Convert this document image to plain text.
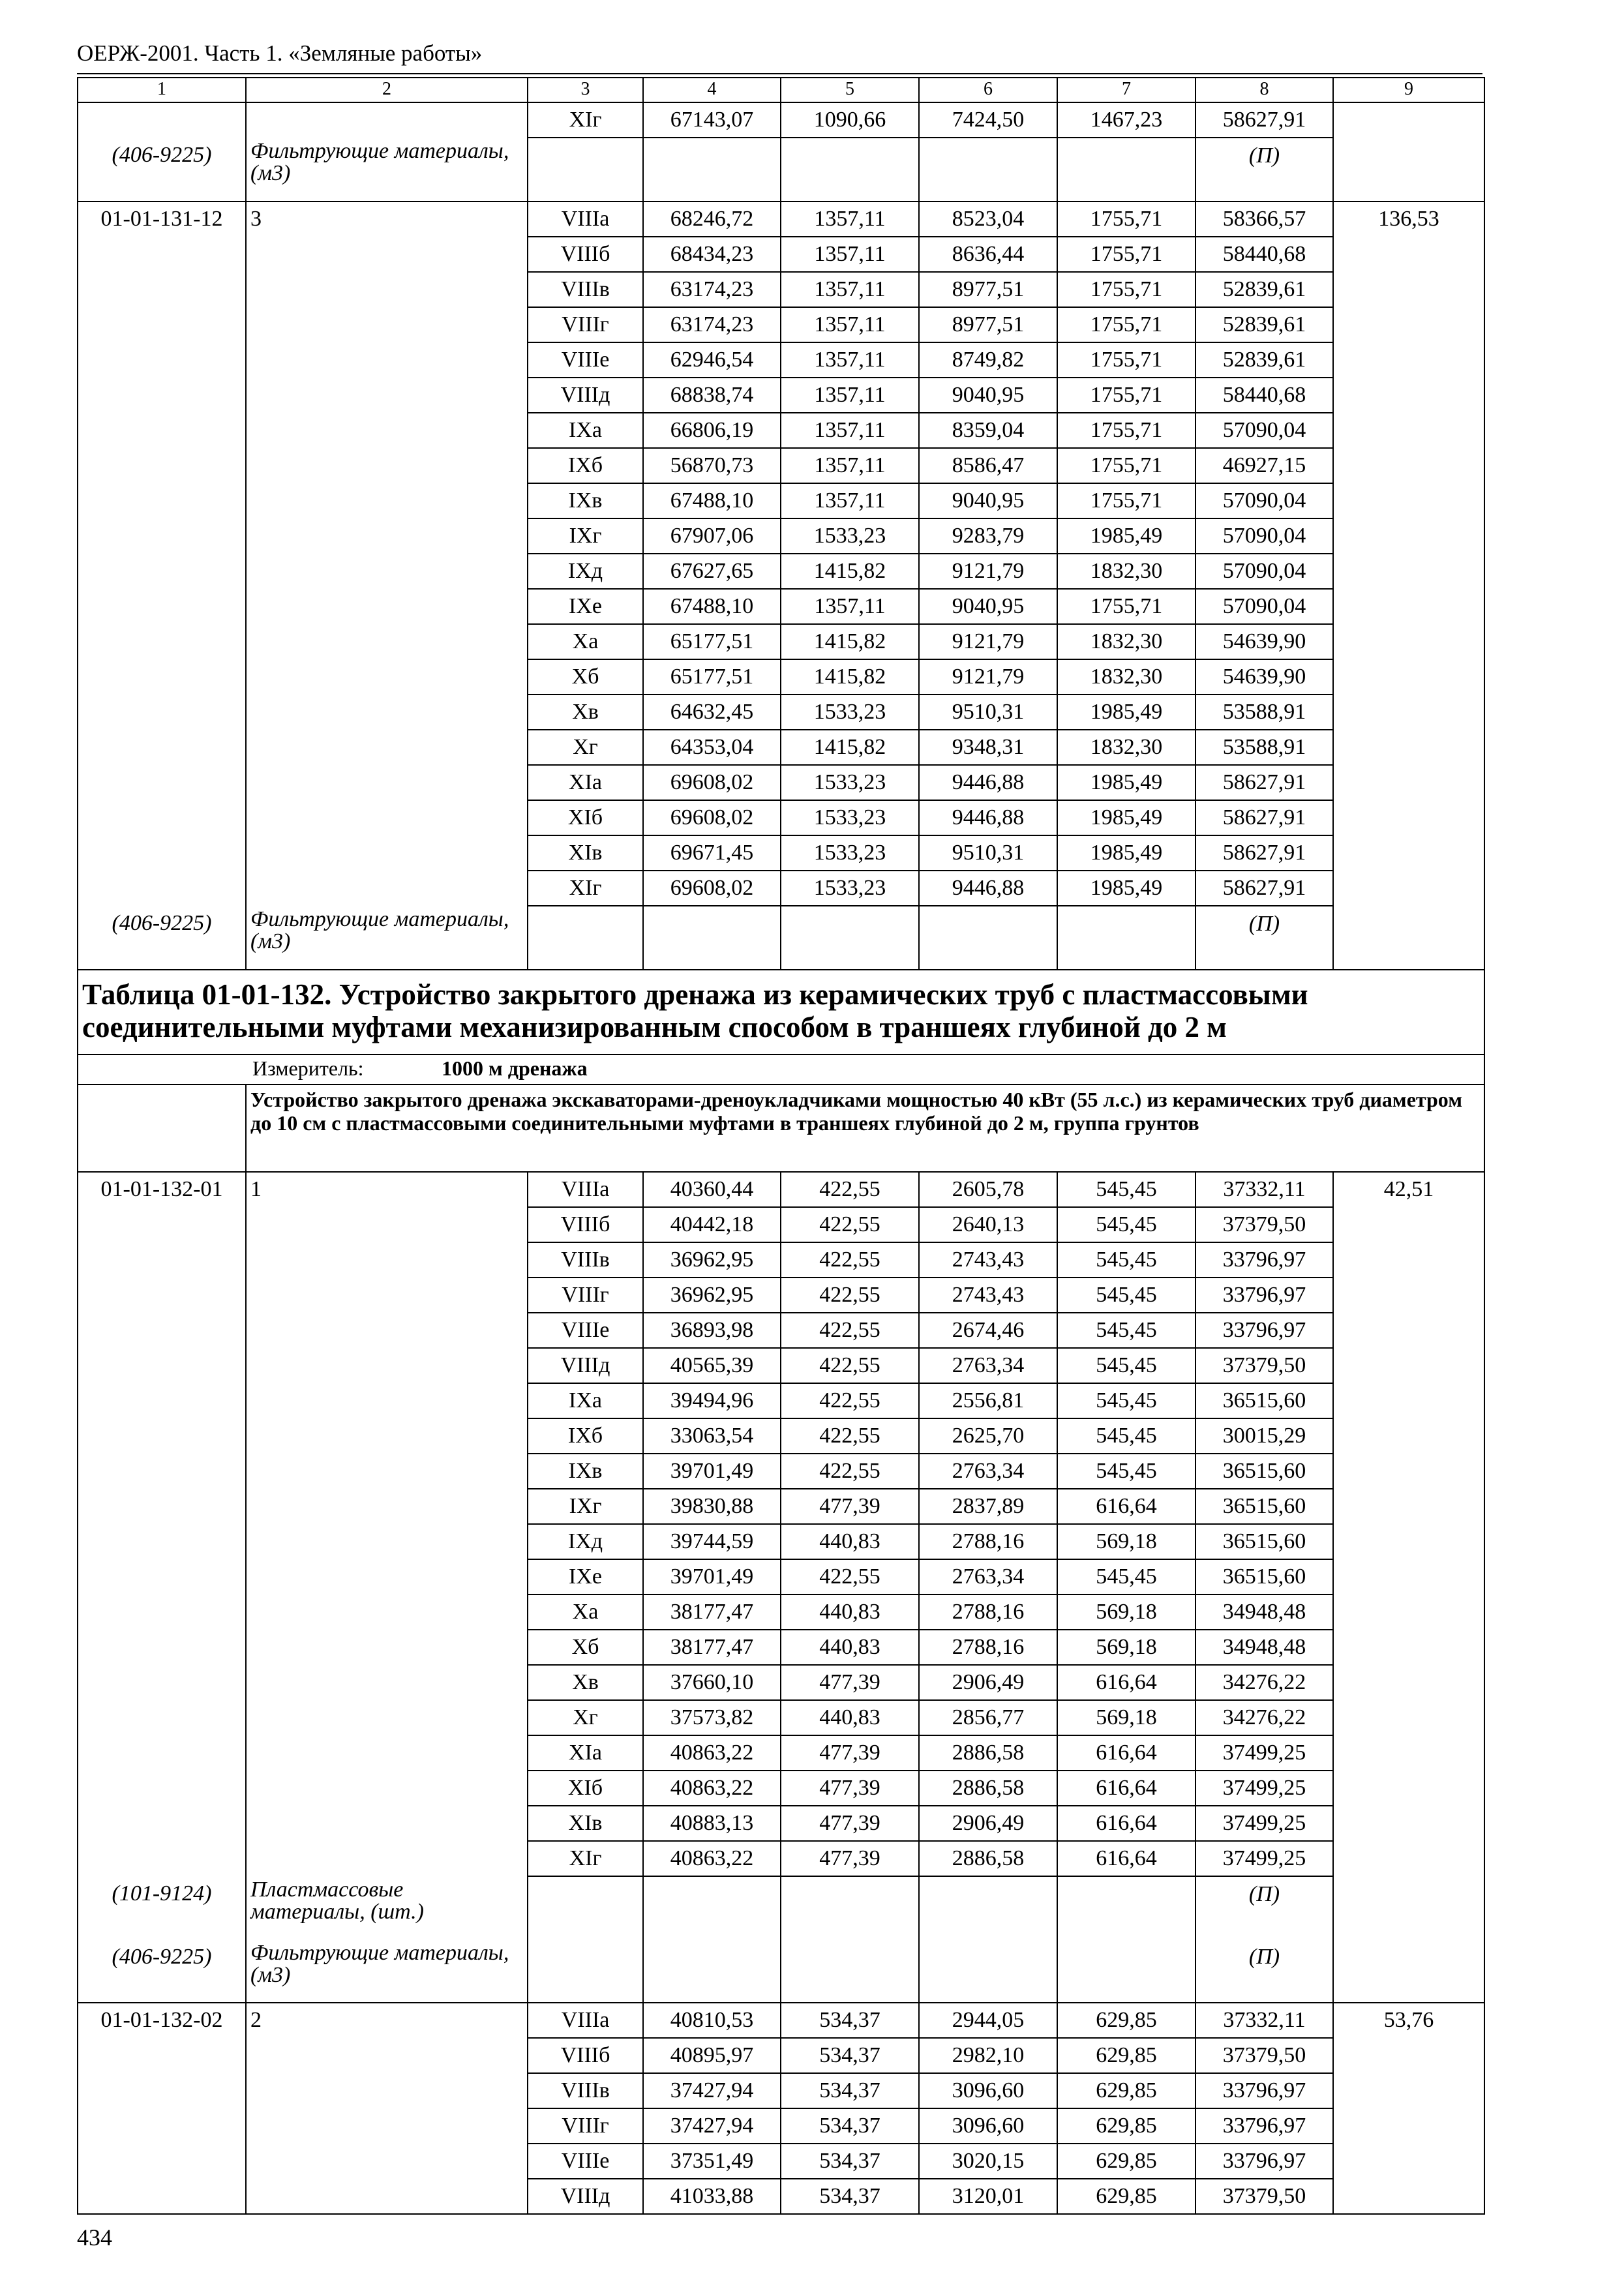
ОЕРЖ-2001. Часть 1. «Земляные работы»
1	2	3	4	5	6	7	8	9
		XIг	67143,07	1090,66	7424,50	1467,23	58627,91	

(406-9225)	Фильтрующие материалы, (м3)						(П)	

01-01-131-12	3	VIIIа	68246,72	1357,11	8523,04	1755,71	58366,57	136,53
		VIIIб	68434,23	1357,11	8636,44	1755,71	58440,68	
		VIIIв	63174,23	1357,11	8977,51	1755,71	52839,61	
		VIIIг	63174,23	1357,11	8977,51	1755,71	52839,61	
		VIIIе	62946,54	1357,11	8749,82	1755,71	52839,61	
		VIIIд	68838,74	1357,11	9040,95	1755,71	58440,68	
		IXа	66806,19	1357,11	8359,04	1755,71	57090,04	
		IXб	56870,73	1357,11	8586,47	1755,71	46927,15	
		IXв	67488,10	1357,11	9040,95	1755,71	57090,04	
		IXг	67907,06	1533,23	9283,79	1985,49	57090,04	
		IXд	67627,65	1415,82	9121,79	1832,30	57090,04	
		IXе	67488,10	1357,11	9040,95	1755,71	57090,04	
		Xа	65177,51	1415,82	9121,79	1832,30	54639,90	
		Xб	65177,51	1415,82	9121,79	1832,30	54639,90	
		Xв	64632,45	1533,23	9510,31	1985,49	53588,91	
		Xг	64353,04	1415,82	9348,31	1832,30	53588,91	
		XIа	69608,02	1533,23	9446,88	1985,49	58627,91	
		XIб	69608,02	1533,23	9446,88	1985,49	58627,91	
		XIв	69671,45	1533,23	9510,31	1985,49	58627,91	
		XIг	69608,02	1533,23	9446,88	1985,49	58627,91	

(406-9225)	Фильтрующие материалы, (м3)						(П)	

Таблица 01-01-132. Устройство закрытого дренажа из керамических труб с пластмассовыми соединительными муфтами механизированным способом в траншеях глубиной до 2 м								
Измеритель: 1000 м дренажа								
	Устройство закрытого дренажа экскаваторами-дреноукладчиками мощностью 40 кВт (55 л.с.) из керамических труб диаметром до 10 см с пластмассовыми соединительными муфтами в траншеях глубиной до 2 м, группа грунтов							
01-01-132-01	1	VIIIа	40360,44	422,55	2605,78	545,45	37332,11	42,51
		VIIIб	40442,18	422,55	2640,13	545,45	37379,50	
		VIIIв	36962,95	422,55	2743,43	545,45	33796,97	
		VIIIг	36962,95	422,55	2743,43	545,45	33796,97	
		VIIIе	36893,98	422,55	2674,46	545,45	33796,97	
		VIIIд	40565,39	422,55	2763,34	545,45	37379,50	
		IXа	39494,96	422,55	2556,81	545,45	36515,60	
		IXб	33063,54	422,55	2625,70	545,45	30015,29	
		IXв	39701,49	422,55	2763,34	545,45	36515,60	
		IXг	39830,88	477,39	2837,89	616,64	36515,60	
		IXд	39744,59	440,83	2788,16	569,18	36515,60	
		IXе	39701,49	422,55	2763,34	545,45	36515,60	
		Xа	38177,47	440,83	2788,16	569,18	34948,48	
		Xб	38177,47	440,83	2788,16	569,18	34948,48	
		Xв	37660,10	477,39	2906,49	616,64	34276,22	
		Xг	37573,82	440,83	2856,77	569,18	34276,22	
		XIа	40863,22	477,39	2886,58	616,64	37499,25	
		XIб	40863,22	477,39	2886,58	616,64	37499,25	
		XIв	40883,13	477,39	2906,49	616,64	37499,25	
		XIг	40863,22	477,39	2886,58	616,64	37499,25	

(101-9124)	Пластмассовые материалы, (шт.)						(П)	

(406-9225)	Фильтрующие материалы, (м3)						(П)	

01-01-132-02	2	VIIIа	40810,53	534,37	2944,05	629,85	37332,11	53,76
		VIIIб	40895,97	534,37	2982,10	629,85	37379,50	
		VIIIв	37427,94	534,37	3096,60	629,85	33796,97	
		VIIIг	37427,94	534,37	3096,60	629,85	33796,97	
		VIIIе	37351,49	534,37	3020,15	629,85	33796,97	
		VIIIд	41033,88	534,37	3120,01	629,85	37379,50	
434
